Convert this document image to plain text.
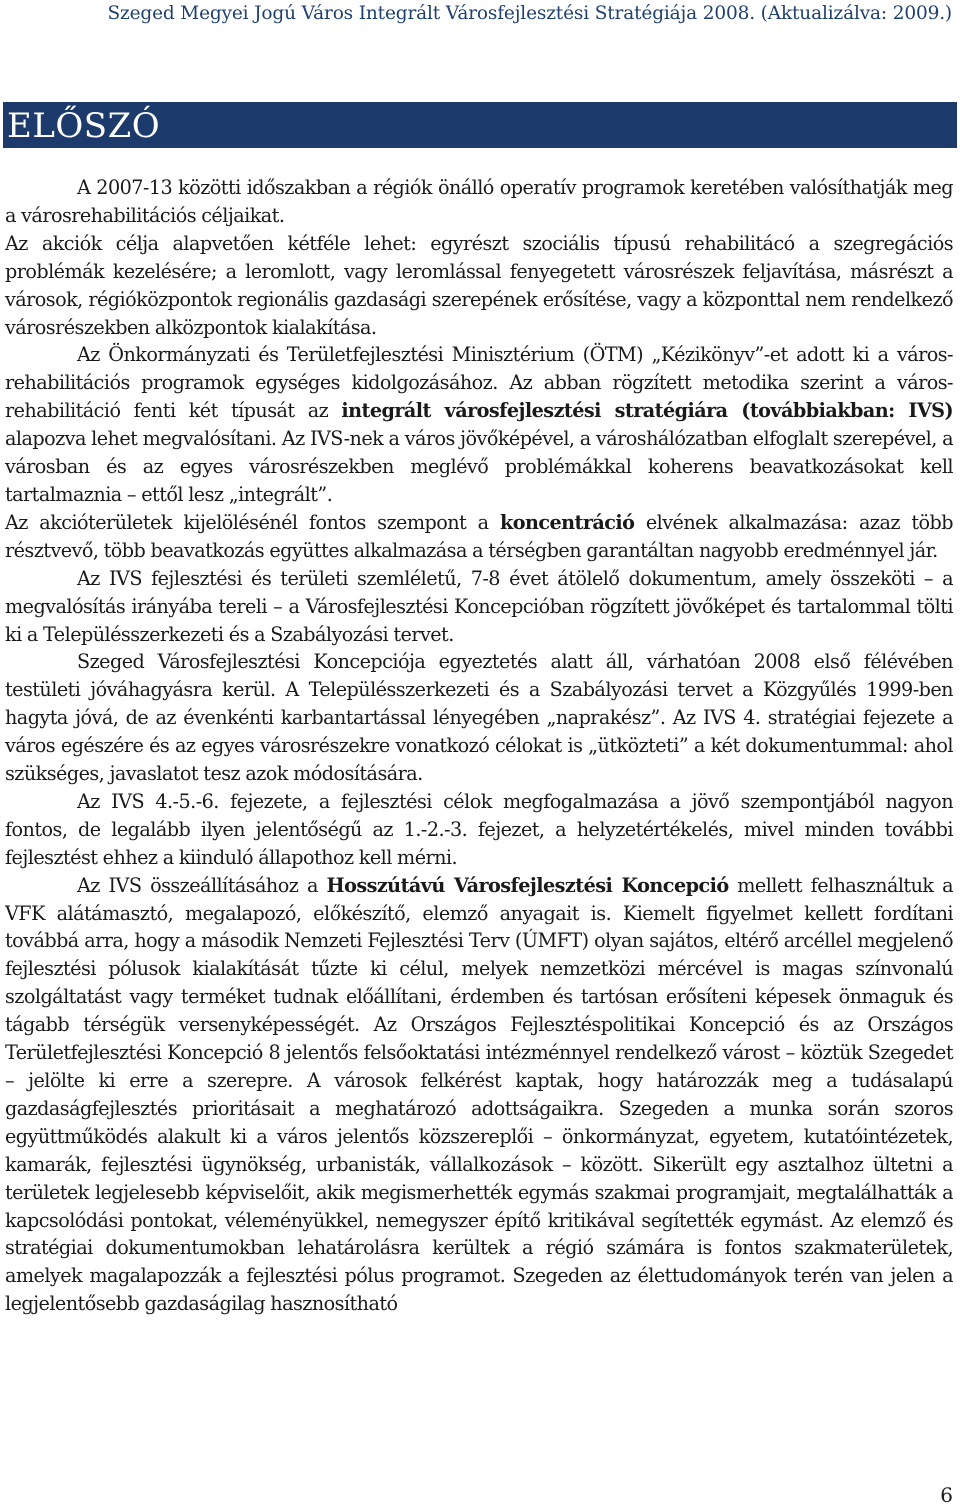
Szeged Megyei Jogú Város Integrált Városfejlesztési Stratégiája 2008. (Aktualizálva: 2009.)
ELŐSZÓ

A 2007-13 közötti időszakban a régiók önálló operatív programok keretében valósíthatják meg a városrehabilitációs céljaikat.

Az akciók célja alapvetően kétféle lehet: egyrészt szociális típusú rehabilitácó a szegregációs problémák kezelésére; a leromlott, vagy leromlással fenyegetett városrészek feljavítása, másrészt a városok, régióközpontok regionális gazdasági szerepének erősítése, vagy a központtal nem rendelkező városrészekben alközpontok kialakítása.

Az Önkormányzati és Területfejlesztési Minisztérium (ÖTM) „Kézikönyv”-et adott ki a város-rehabilitációs programok egységes kidolgozásához. Az abban rögzített metodika szerint a város-rehabilitáció fenti két típusát az integrált városfejlesztési stratégiára (továbbiakban: IVS) alapozva lehet megvalósítani. Az IVS-nek a város jövőképével, a városhálózatban elfoglalt szerepével, a városban és az egyes városrészekben meglévő problémákkal koherens beavatkozásokat kell tartalmaznia – ettől lesz „integrált”.

Az akcióterületek kijelölésénél fontos szempont a koncentráció elvének alkalmazása: azaz több résztvevő, több beavatkozás együttes alkalmazása a térségben garantáltan nagyobb eredménnyel jár.

Az IVS fejlesztési és területi szemléletű, 7-8 évet átölelő dokumentum, amely összeköti – a megvalósítás irányába tereli – a Városfejlesztési Koncepcióban rögzített jövőképet és tartalommal tölti ki a Településszerkezeti és a Szabályozási tervet.

Szeged Városfejlesztési Koncepciója egyeztetés alatt áll, várhatóan 2008 első félévében testületi jóváhagyásra kerül. A Településszerkezeti és a Szabályozási tervet a Közgyűlés 1999-ben hagyta jóvá, de az évenkénti karbantartással lényegében „naprakész”. Az IVS 4. stratégiai fejezete a város egészére és az egyes városrészekre vonatkozó célokat is „ütközteti” a két dokumentummal: ahol szükséges, javaslatot tesz azok módosítására.

Az IVS 4.-5.-6. fejezete, a fejlesztési célok megfogalmazása a jövő szempontjából nagyon fontos, de legalább ilyen jelentőségű az 1.-2.-3. fejezet, a helyzetértékelés, mivel minden további fejlesztést ehhez a kiinduló állapothoz kell mérni.

Az IVS összeállításához a Hosszútávú Városfejlesztési Koncepció mellett felhasználtuk a VFK alátámasztó, megalapozó, előkészítő, elemző anyagait is. Kiemelt figyelmet kellett fordítani továbbá arra, hogy a második Nemzeti Fejlesztési Terv (ÚMFT) olyan sajátos, eltérő arcéllel megjelenő fejlesztési pólusok kialakítását tűzte ki célul, melyek nemzetközi mércével is magas színvonalú szolgáltatást vagy terméket tudnak előállítani, érdemben és tartósan erősíteni képesek önmaguk és tágabb térségük versenyképességét. Az Országos Fejlesztéspolitikai Koncepció és az Országos Területfejlesztési Koncepció 8 jelentős felsőoktatási intézménnyel rendelkező várost – köztük Szegedet – jelölte ki erre a szerepre. A városok felkérést kaptak, hogy határozzák meg a tudásalapú gazdaságfejlesztés prioritásait a meghatározó adottságaikra. Szegeden a munka során szoros együttműködés alakult ki a város jelentős közszereplői – önkormányzat, egyetem, kutatóintézetek, kamarák, fejlesztési ügynökség, urbanisták, vállalkozások – között. Sikerült egy asztalhoz ültetni a területek legjelesebb képviselőit, akik megismerhették egymás szakmai programjait, megtalálhatták a kapcsolódási pontokat, véleményükkel, nemegyszer építő kritikával segítették egymást. Az elemző és stratégiai dokumentumokban lehatárolásra kerültek a régió számára is fontos szakmaterületek, amelyek magalapozzák a fejlesztési pólus programot. Szegeden az élettudományok terén van jelen a legjelentősebb gazdaságilag hasznosítható

6
